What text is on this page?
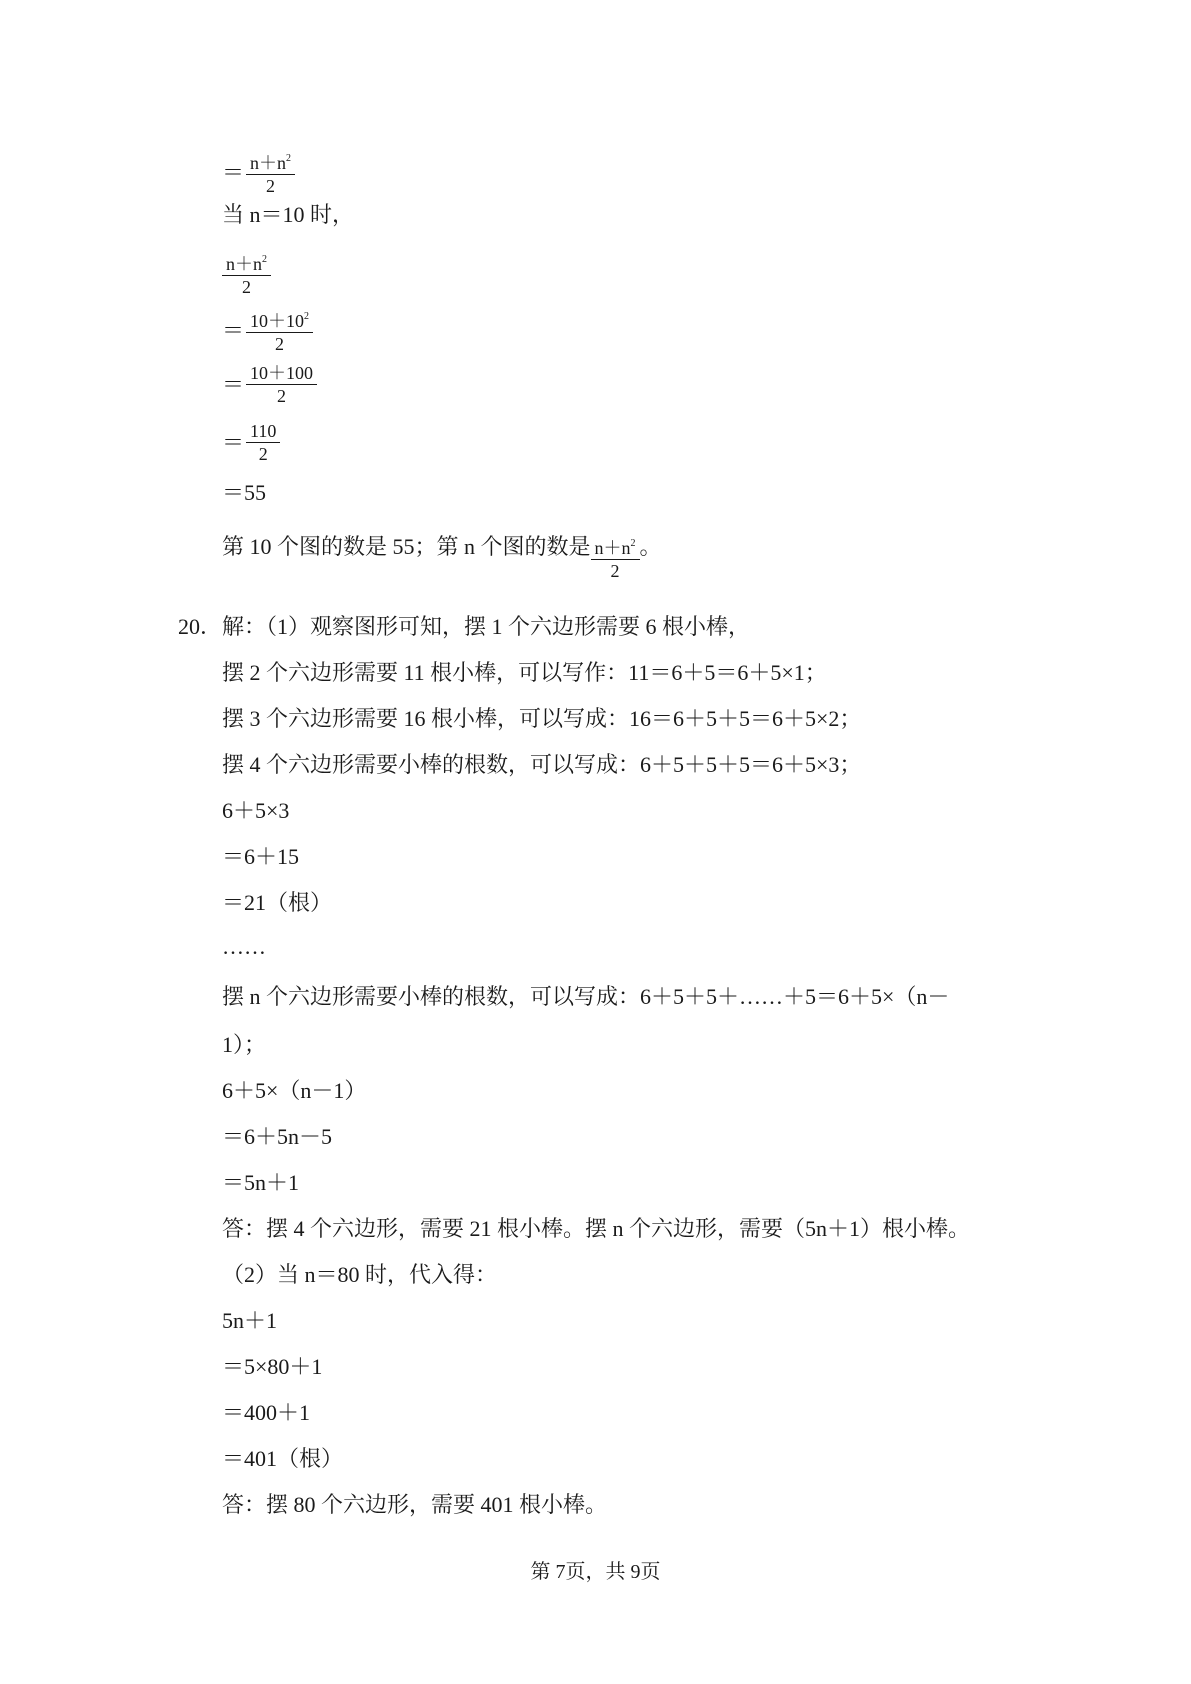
＝ $\frac{n+n^2}{2}$
当 n＝10 时，
$\frac{n+n^2}{2}$
＝ $\frac{10+10^2}{2}$
＝ $\frac{10+100}{2}$
＝ $\frac{110}{2}$
＝55
第 10 个图的数是 55；第 n 个图的数是 $\frac{n+n^2}{2}$ 。
20． 解：（1）观察图形可知，摆 1 个六边形需要 6 根小棒，
摆 2 个六边形需要 11 根小棒，可以写作：11＝6＋5＝6＋5×1；
摆 3 个六边形需要 16 根小棒，可以写成：16＝6＋5＋5＝6＋5×2；
摆 4 个六边形需要小棒的根数，可以写成：6＋5＋5＋5＝6＋5×3；
6＋5×3
＝6＋15
＝21（根）
……
摆 n 个六边形需要小棒的根数，可以写成：6＋5＋5＋……＋5＝6＋5×（n－
1）；
6＋5×（n－1）
＝6＋5n－5
＝5n＋1
答：摆 4 个六边形，需要 21 根小棒。摆 n 个六边形，需要（5n＋1）根小棒。
（2）当 n＝80 时，代入得：
5n＋1
＝5×80＋1
＝400＋1
＝401（根）
答：摆 80 个六边形，需要 401 根小棒。
第 7页，共 9页
